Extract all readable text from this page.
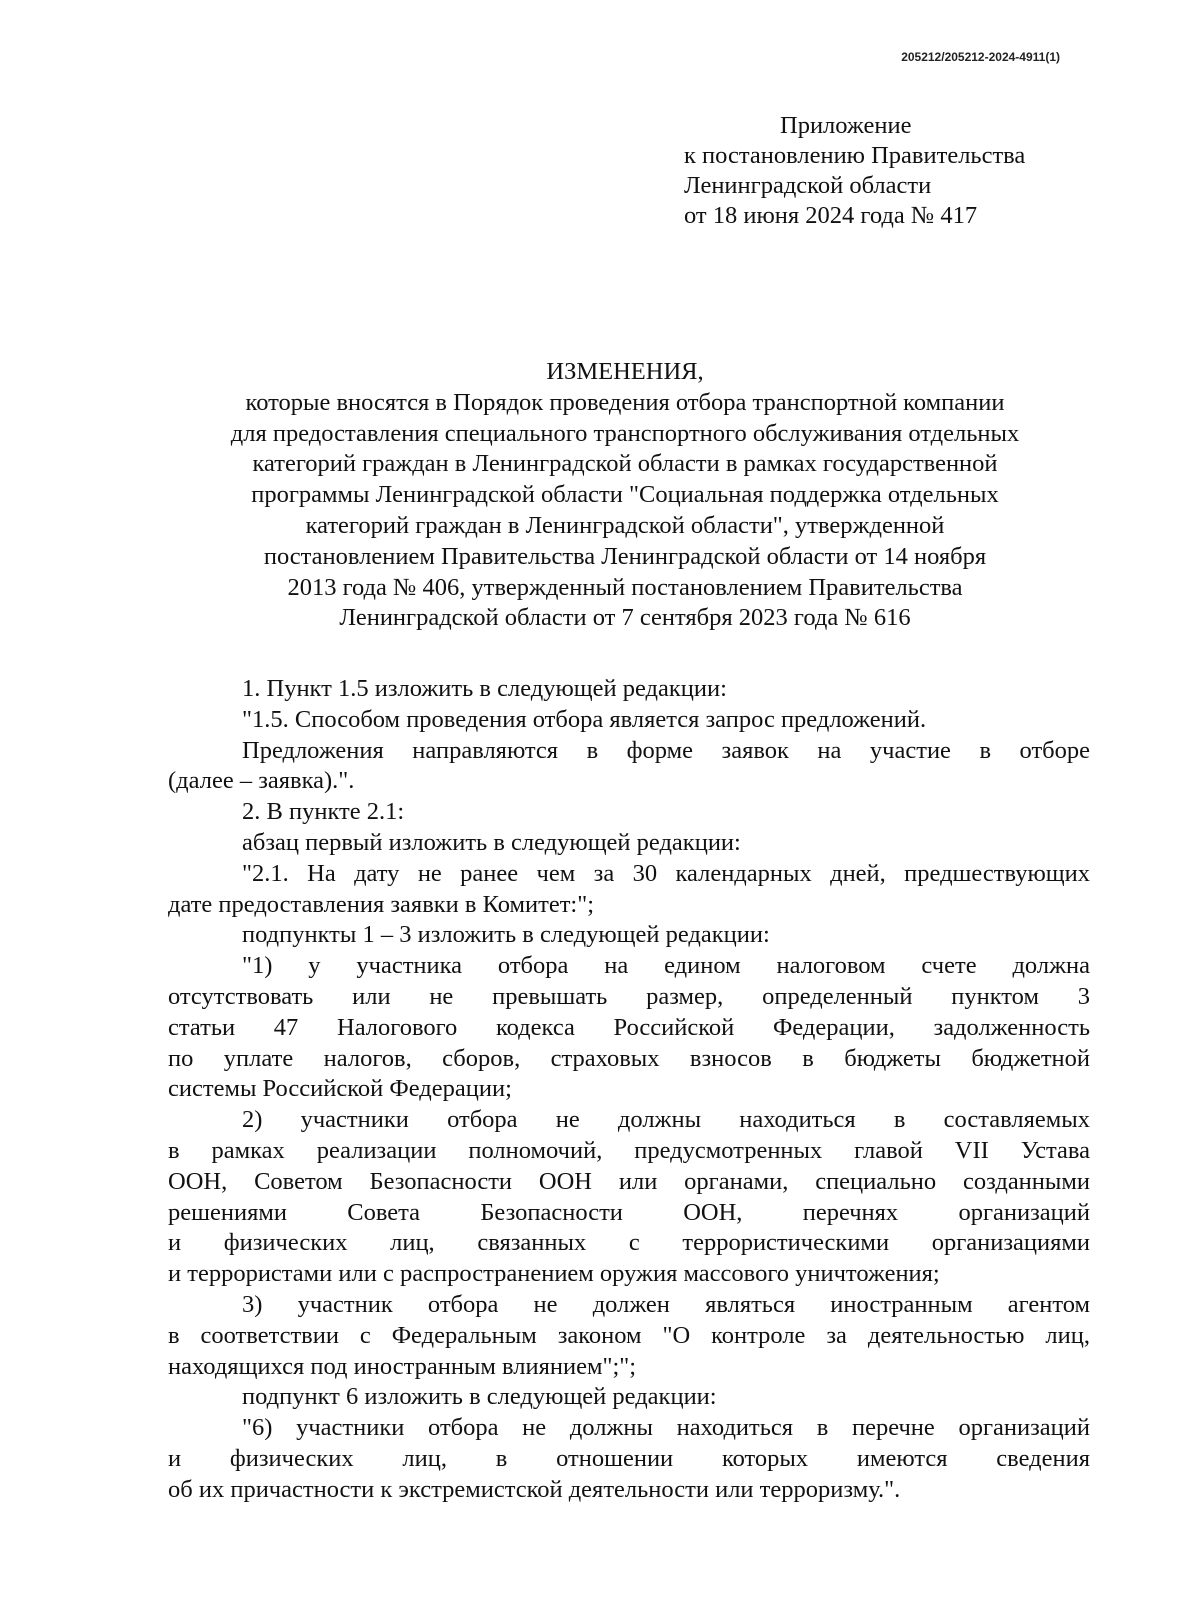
205212/205212-2024-4911(1)
Приложение
к постановлению Правительства
Ленинградской области
от 18 июня 2024 года № 417
ИЗМЕНЕНИЯ,
которые вносятся в Порядок проведения отбора транспортной компании
для предоставления специального транспортного обслуживания отдельных
категорий граждан в Ленинградской области в рамках государственной
программы Ленинградской области "Социальная поддержка отдельных
категорий граждан в Ленинградской области", утвержденной
постановлением Правительства Ленинградской области от 14 ноября
2013 года № 406, утвержденный постановлением Правительства
Ленинградской области от 7 сентября 2023 года № 616
1. Пункт 1.5 изложить в следующей редакции:
"1.5. Способом проведения отбора является запрос предложений.
Предложения направляются в форме заявок на участие в отборе
(далее – заявка).".
2. В пункте 2.1:
абзац первый изложить в следующей редакции:
"2.1. На дату не ранее чем за 30 календарных дней, предшествующих
дате предоставления заявки в Комитет:";
подпункты 1 – 3 изложить в следующей редакции:
"1) у участника отбора на едином налоговом счете должна
отсутствовать или не превышать размер, определенный пунктом 3
статьи 47 Налогового кодекса Российской Федерации, задолженность
по уплате налогов, сборов, страховых взносов в бюджеты бюджетной
системы Российской Федерации;
2) участники отбора не должны находиться в составляемых
в рамках реализации полномочий, предусмотренных главой VII Устава
ООН, Советом Безопасности ООН или органами, специально созданными
решениями Совета Безопасности ООН, перечнях организаций
и физических лиц, связанных с террористическими организациями
и террористами или с распространением оружия массового уничтожения;
3) участник отбора не должен являться иностранным агентом
в соответствии с Федеральным законом "О контроле за деятельностью лиц,
находящихся под иностранным влиянием";";
подпункт 6 изложить в следующей редакции:
"6) участники отбора не должны находиться в перечне организаций
и физических лиц, в отношении которых имеются сведения
об их причастности к экстремистской деятельности или терроризму.".
